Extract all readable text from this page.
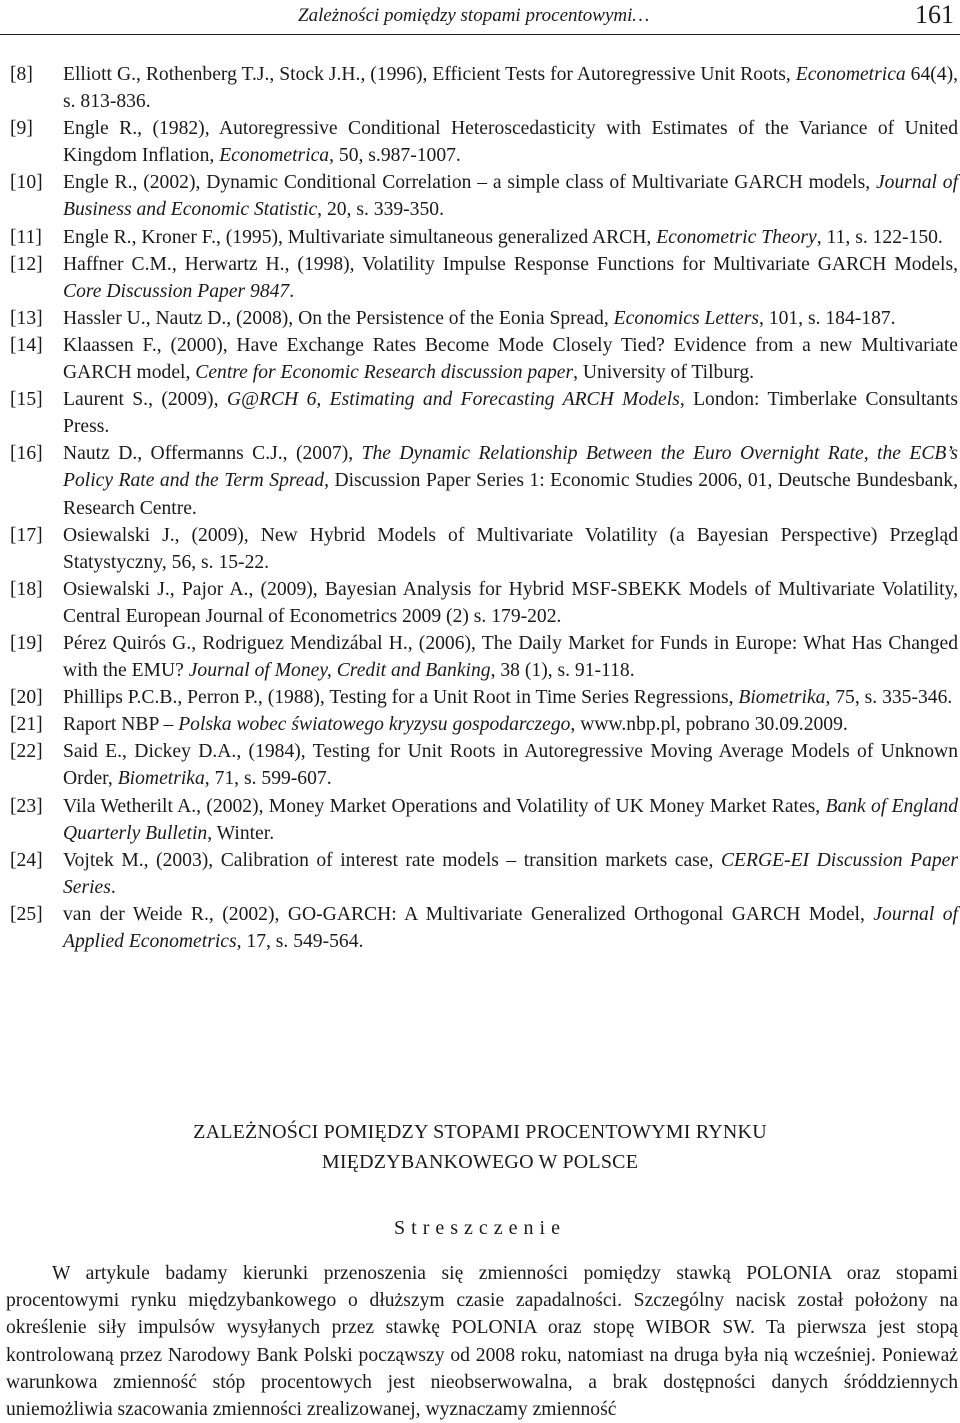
Zależności pomiędzy stopami procentowymi…	161
[8] Elliott G., Rothenberg T.J., Stock J.H., (1996), Efficient Tests for Autoregressive Unit Roots, Econometrica 64(4), s. 813-836.
[9] Engle R., (1982), Autoregressive Conditional Heteroscedasticity with Estimates of the Variance of United Kingdom Inflation, Econometrica, 50, s.987-1007.
[10] Engle R., (2002), Dynamic Conditional Correlation – a simple class of Multivariate GARCH models, Journal of Business and Economic Statistic, 20, s. 339-350.
[11] Engle R., Kroner F., (1995), Multivariate simultaneous generalized ARCH, Econometric Theory, 11, s. 122-150.
[12] Haffner C.M., Herwartz H., (1998), Volatility Impulse Response Functions for Multivariate GARCH Models, Core Discussion Paper 9847.
[13] Hassler U., Nautz D., (2008), On the Persistence of the Eonia Spread, Economics Letters, 101, s. 184-187.
[14] Klaassen F., (2000), Have Exchange Rates Become Mode Closely Tied? Evidence from a new Multivariate GARCH model, Centre for Economic Research discussion paper, University of Tilburg.
[15] Laurent S., (2009), G@RCH 6, Estimating and Forecasting ARCH Models, London: Timberlake Consultants Press.
[16] Nautz D., Offermanns C.J., (2007), The Dynamic Relationship Between the Euro Overnight Rate, the ECB’s Policy Rate and the Term Spread, Discussion Paper Series 1: Economic Studies 2006, 01, Deutsche Bundesbank, Research Centre.
[17] Osiewalski J., (2009), New Hybrid Models of Multivariate Volatility (a Bayesian Perspective) Przegląd Statystyczny, 56, s. 15-22.
[18] Osiewalski J., Pajor A., (2009), Bayesian Analysis for Hybrid MSF-SBEKK Models of Multivariate Volatility, Central European Journal of Econometrics 2009 (2) s. 179-202.
[19] Pérez Quirós G., Rodriguez Mendizábal H., (2006), The Daily Market for Funds in Europe: What Has Changed with the EMU? Journal of Money, Credit and Banking, 38 (1), s. 91-118.
[20] Phillips P.C.B., Perron P., (1988), Testing for a Unit Root in Time Series Regressions, Biometrika, 75, s. 335-346.
[21] Raport NBP – Polska wobec światowego kryzysu gospodarczego, www.nbp.pl, pobrano 30.09.2009.
[22] Said E., Dickey D.A., (1984), Testing for Unit Roots in Autoregressive Moving Average Models of Unknown Order, Biometrika, 71, s. 599-607.
[23] Vila Wetherilt A., (2002), Money Market Operations and Volatility of UK Money Market Rates, Bank of England Quarterly Bulletin, Winter.
[24] Vojtek M., (2003), Calibration of interest rate models – transition markets case, CERGE-EI Discussion Paper Series.
[25] van der Weide R., (2002), GO-GARCH: A Multivariate Generalized Orthogonal GARCH Model, Journal of Applied Econometrics, 17, s. 549-564.
ZALEŻNOŚCI POMIĘDZY STOPAMI PROCENTOWYMI RYNKU
MIĘDZYBANKOWEGO W POLSCE
Streszczenie

W artykule badamy kierunki przenoszenia się zmienności pomiędzy stawką POLONIA oraz stopami procentowymi rynku międzybankowego o dłuższym czasie zapadalności. Szczególny nacisk został położony na określenie siły impulsów wysyłanych przez stawkę POLONIA oraz stopę WIBOR SW. Ta pierwsza jest stopą kontrolowaną przez Narodowy Bank Polski począwszy od 2008 roku, natomiast na druga była nią wcześniej. Ponieważ warunkowa zmienność stóp procentowych jest nieobserwowalna, a brak dostępności danych śróddziennych uniemożliwia szacowania zmienności zrealizowanej, wyznaczamy zmienność
